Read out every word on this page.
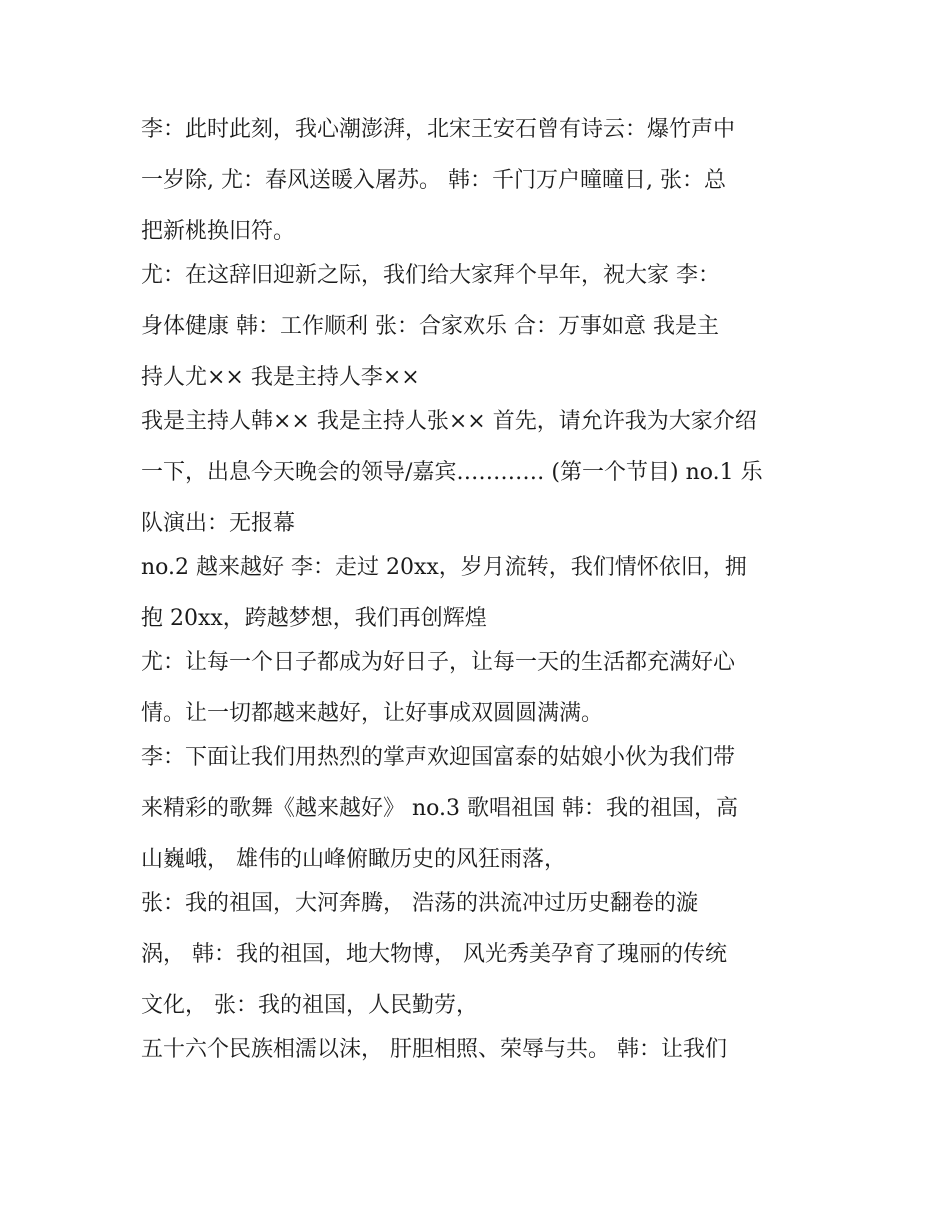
李：此时此刻，我心潮澎湃，北宋王安石曾有诗云：爆竹声中
一岁除, 尤：春风送暖入屠苏。 韩：千门万户曈曈日, 张：总
把新桃换旧符。
尤：在这辞旧迎新之际，我们给大家拜个早年，祝大家 李：
身体健康 韩：工作顺利 张：合家欢乐 合：万事如意 我是主
持人尤×× 我是主持人李××
我是主持人韩×× 我是主持人张×× 首先，请允许我为大家介绍
一下，出息今天晚会的领导/嘉宾………… (第一个节目) no.1 乐
队演出：无报幕
no.2 越来越好 李：走过 20xx，岁月流转，我们情怀依旧，拥
抱 20xx，跨越梦想，我们再创辉煌
尤：让每一个日子都成为好日子，让每一天的生活都充满好心
情。让一切都越来越好，让好事成双圆圆满满。
李：下面让我们用热烈的掌声欢迎国富泰的姑娘小伙为我们带
来精彩的歌舞《越来越好》 no.3 歌唱祖国 韩：我的祖国，高
山巍峨， 雄伟的山峰俯瞰历史的风狂雨落，
张：我的祖国，大河奔腾， 浩荡的洪流冲过历史翻卷的漩
涡， 韩：我的祖国，地大物博， 风光秀美孕育了瑰丽的传统
文化， 张：我的祖国，人民勤劳，
五十六个民族相濡以沫， 肝胆相照、荣辱与共。 韩：让我们
